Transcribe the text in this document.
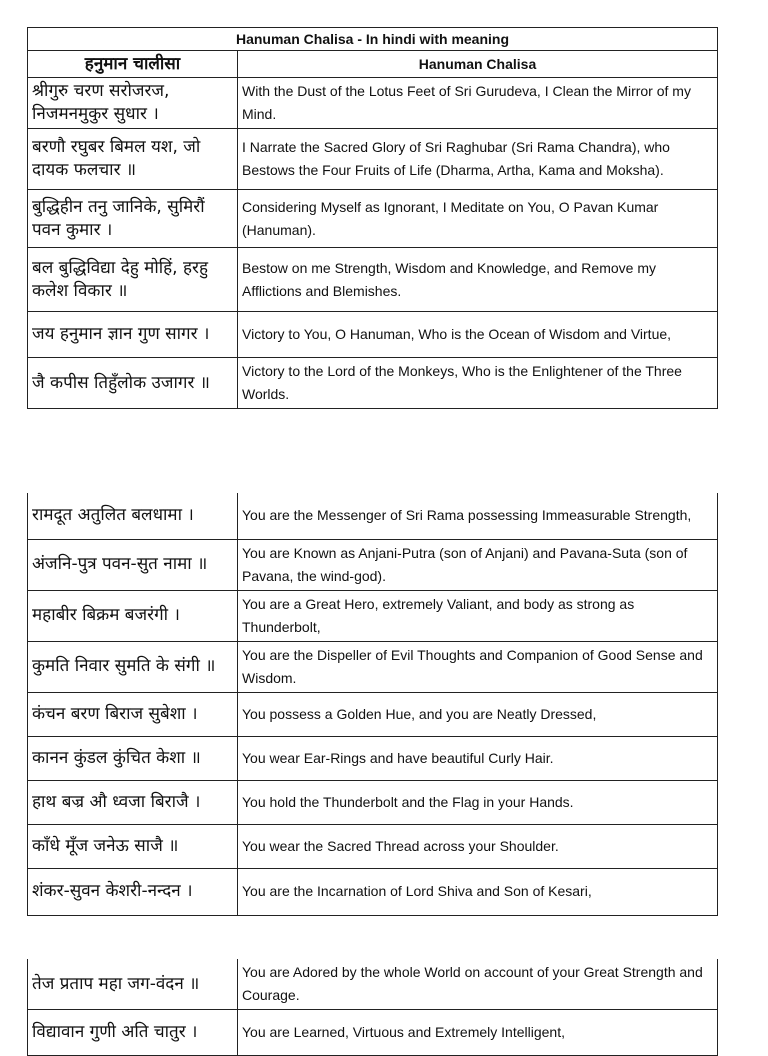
Hanuman Chalisa - In hindi with meaning	
हनुमान चालीसा	Hanuman Chalisa
श्रीगुरु चरण सरोजरज, निजमनमुकुर सुधार ।	With the Dust of the Lotus Feet of Sri Gurudeva, I Clean the Mirror of my Mind.
बरणौ रघुबर बिमल यश, जो दायक फलचार ॥	I Narrate the Sacred Glory of Sri Raghubar (Sri Rama Chandra), who Bestows the Four Fruits of Life (Dharma, Artha, Kama and Moksha).
बुद्धिहीन तनु जानिके, सुमिरौं पवन कुमार ।	Considering Myself as Ignorant, I Meditate on You, O Pavan Kumar (Hanuman).
बल बुद्धिविद्या देहु मोहिं, हरहु कलेश विकार ॥	Bestow on me Strength, Wisdom and Knowledge, and Remove my Afflictions and Blemishes.
जय हनुमान ज्ञान गुण सागर ।	Victory to You, O Hanuman, Who is the Ocean of Wisdom and Virtue,
जै कपीस तिहुँलोक उजागर ॥	Victory to the Lord of the Monkeys, Who is the Enlightener of the Three Worlds.
रामदूत अतुलित बलधामा ।	You are the Messenger of Sri Rama possessing Immeasurable Strength,
अंजनि-पुत्र पवन-सुत नामा ॥	You are Known as Anjani-Putra (son of Anjani) and Pavana-Suta (son of Pavana, the wind-god).
महाबीर बिक्रम बजरंगी ।	You are a Great Hero, extremely Valiant, and body as strong as Thunderbolt,
कुमति निवार सुमति के संगी ॥	You are the Dispeller of Evil Thoughts and Companion of Good Sense and Wisdom.
कंचन बरण बिराज सुबेशा ।	You possess a Golden Hue, and you are Neatly Dressed,
कानन कुंडल कुंचित केशा ॥	You wear Ear-Rings and have beautiful Curly Hair.
हाथ बज्र औ ध्वजा बिराजै ।	You hold the Thunderbolt and the Flag in your Hands.
काँधे मूँज जनेऊ साजै ॥	You wear the Sacred Thread across your Shoulder.
शंकर-सुवन केशरी-नन्दन ।	You are the Incarnation of Lord Shiva and Son of Kesari,
तेज प्रताप महा जग-वंदन ॥	You are Adored by the whole World on account of your Great Strength and Courage.
विद्यावान गुणी अति चातुर ।	You are Learned, Virtuous and Extremely Intelligent,
